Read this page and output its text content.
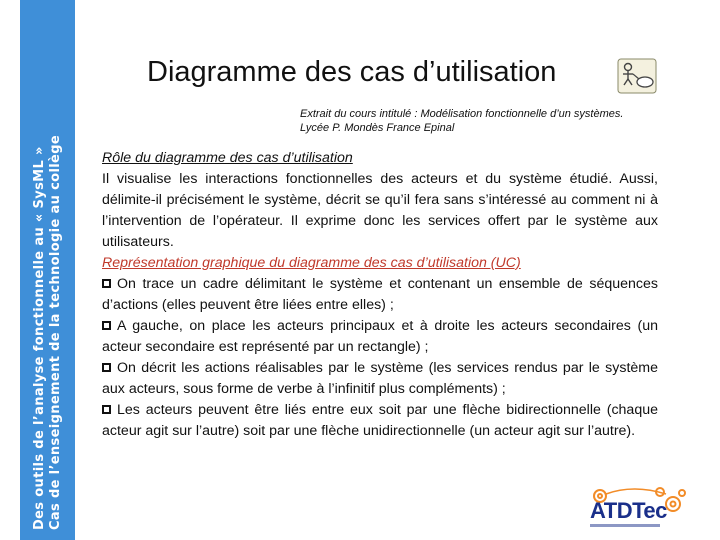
Des outils de l’analyse fonctionnelle au « SysML » Cas de l’enseignement de la technologie au collège
Diagramme des cas d’utilisation
Extrait du cours intitulé : Modélisation fonctionnelle d’un systèmes.
Lycée P. Mondès France Epinal

Rôle du diagramme des cas d’utilisation

Il visualise les interactions fonctionnelles des acteurs et du système étudié. Aussi, délimite-il précisément le système, décrit se qu’il fera sans s’intéressé au comment ni à l’intervention de l’opérateur. Il exprime donc les services offert par le système aux utilisateurs.

Représentation graphique du diagramme des cas d’utilisation (UC)

On trace un cadre délimitant le système et contenant un ensemble de séquences d’actions (elles peuvent être liées entre elles) ;

A gauche, on place les acteurs principaux et à droite les acteurs secondaires (un acteur secondaire est représenté par un rectangle) ;

On décrit les actions réalisables par le système (les services rendus par le système aux acteurs, sous forme de verbe à l’infinitif plus compléments) ;

Les acteurs peuvent être liés entre eux soit par une flèche bidirectionnelle (chaque acteur agit sur l’autre) soit par une flèche unidirectionnelle (un acteur agit sur l’autre).

ATDTec
